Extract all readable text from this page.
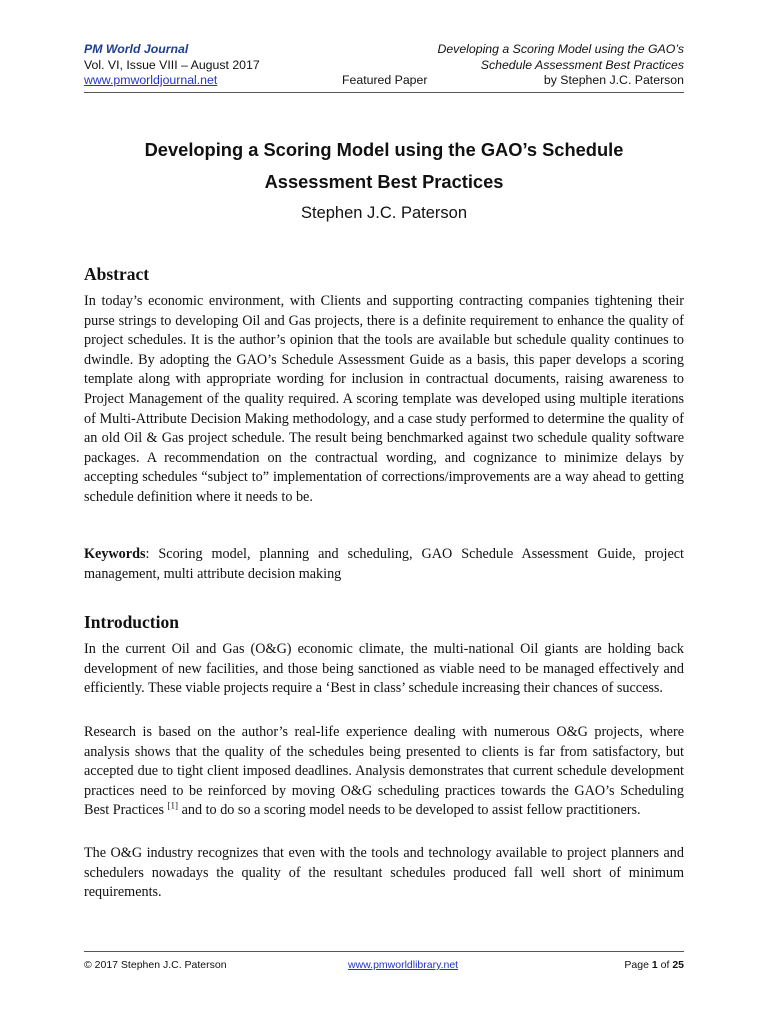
PM World Journal
Vol. VI, Issue VIII – August 2017
www.pmworldjournal.net
Developing a Scoring Model using the GAO’s
Schedule Assessment Best Practices
Featured Paper	by Stephen J.C. Paterson
Developing a Scoring Model using the GAO’s Schedule
Assessment Best Practices
Stephen J.C. Paterson
Abstract

In today’s economic environment, with Clients and supporting contracting companies tightening their purse strings to developing Oil and Gas projects, there is a definite requirement to enhance the quality of project schedules. It is the author’s opinion that the tools are available but schedule quality continues to dwindle. By adopting the GAO’s Schedule Assessment Guide as a basis, this paper develops a scoring template along with appropriate wording for inclusion in contractual documents, raising awareness to Project Management of the quality required. A scoring template was developed using multiple iterations of Multi-Attribute Decision Making methodology, and a case study performed to determine the quality of an old Oil & Gas project schedule. The result being benchmarked against two schedule quality software packages. A recommendation on the contractual wording, and cognizance to minimize delays by accepting schedules “subject to” implementation of corrections/improvements are a way ahead to getting schedule definition where it needs to be.

Keywords: Scoring model, planning and scheduling, GAO Schedule Assessment Guide, project management, multi attribute decision making

Introduction

In the current Oil and Gas (O&G) economic climate, the multi-national Oil giants are holding back development of new facilities, and those being sanctioned as viable need to be managed effectively and efficiently. These viable projects require a ‘Best in class’ schedule increasing their chances of success.

Research is based on the author’s real-life experience dealing with numerous O&G projects, where analysis shows that the quality of the schedules being presented to clients is far from satisfactory, but accepted due to tight client imposed deadlines. Analysis demonstrates that current schedule development practices need to be reinforced by moving O&G scheduling practices towards the GAO’s Scheduling Best Practices [1] and to do so a scoring model needs to be developed to assist fellow practitioners.

The O&G industry recognizes that even with the tools and technology available to project planners and schedulers nowadays the quality of the resultant schedules produced fall well short of minimum requirements.

© 2017 Stephen J.C. Paterson	www.pmworldlibrary.net	Page 1 of 25
